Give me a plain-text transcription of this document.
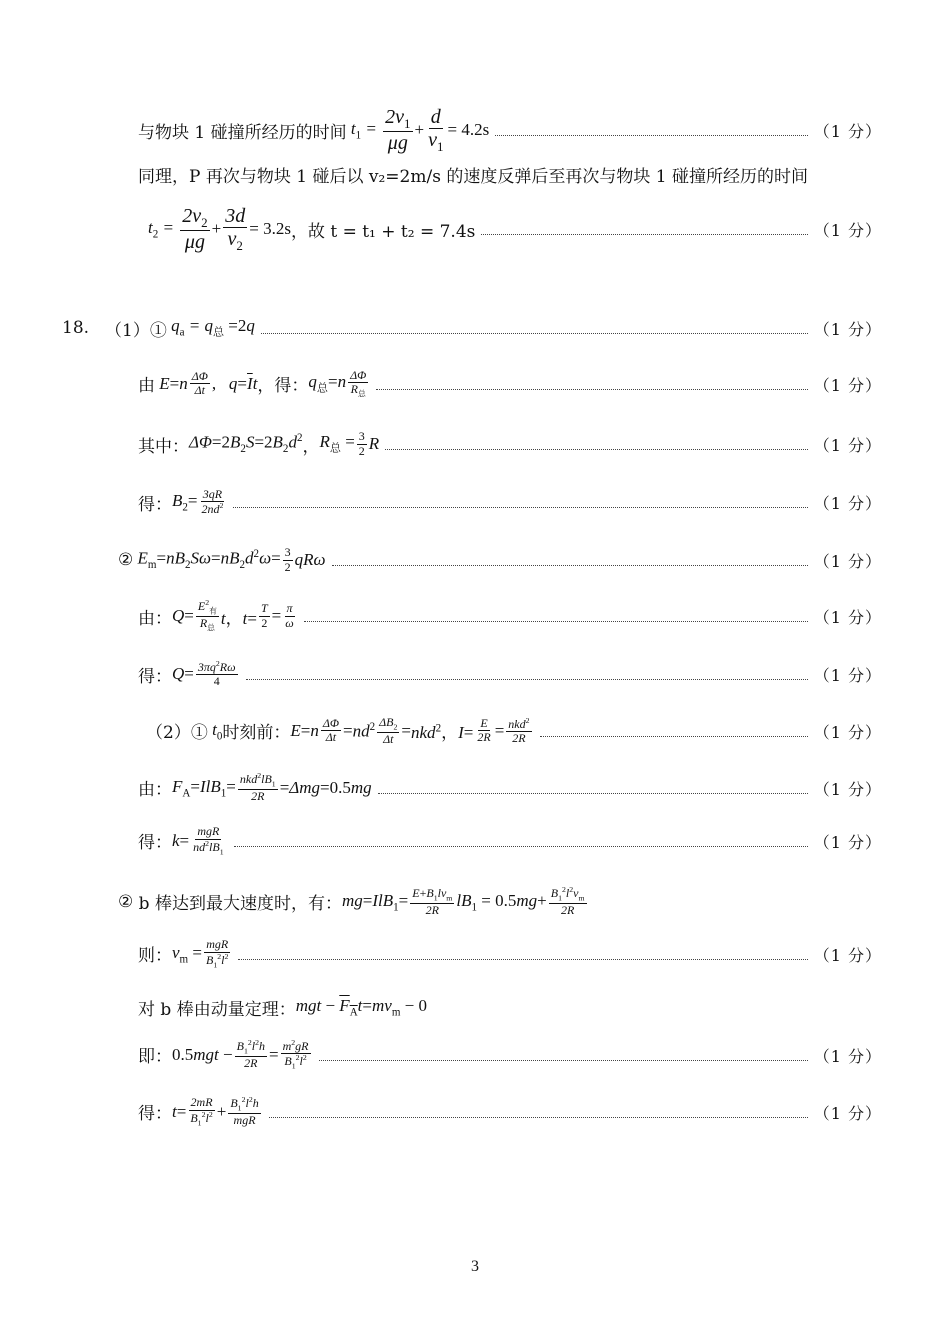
与物块 1 碰撞所经历的时间 $t_1 = \frac{2v_1}{\mu g} + \frac{d}{v_1} = 4.2s$	（1 分）
同理，P 再次与物块 1 碰后以 v₂=2m/s 的速度反弹后至再次与物块 1 碰撞所经历的时间
$t_2 = \frac{2v_2}{\mu g} + \frac{3d}{v_2} = 3.2s$ ，故 t = t₁ + t₂ = 7.4s	（1 分）
18. （1）① $q_a = q_总 =2q$	（1 分）
由 $E=n \frac{\Delta\Phi}{\Delta t}$ , $q=\overline{I}t$ ，得： $q_总=n \frac{\Delta\Phi}{R_总}$	（1 分）
其中： $\Delta\Phi=2B_2S=2B_2d^2$ ， $R_总 = \frac{3}{2}$ R	（1 分）
得： $B_2= \frac{3qR}{2nd^2}$	（1 分）
② $E_m=nB_2S\omega=nB_2d^2\omega= \frac{3}{2}$ qRω	（1 分）
由： $Q= \frac{E^2_有}{R_总}$ t，$t= \frac{T}{2} = \frac{\pi}{\omega}$	（1 分）
得： $Q= \frac{3\pi q^2R\omega}{4}$	（1 分）
（2）① $t_0$ 时刻前： $E=n \frac{\Delta\Phi}{\Delta t} = nd^2 \frac{\Delta B_2}{\Delta t} = nkd^2$，$I= \frac{E}{2R} = \frac{nkd^2}{2R}$	（1 分）
由： $F_A=IlB_1= \frac{nkd^2lB_1}{2R} = \Delta mg=0.5mg$	（1 分）
得： $k= \frac{\text{mgR}}{nd^2lB_1}$	（1 分）
②
b 棒达到最大速度时，有： $mg=IlB_1= \frac{E+B_1lv_m}{2R} lB_1 = 0.5mg+ \frac{B_1^2l^2v_m}{2R}$
则： $v_m = \frac{\text{mgR}}{B_1^2l^2}$	（1 分）
对 b 棒由动量定理： mgt − $F_At=mv_m - 0$
即： $0.5mgt - \frac{B_1^2l^2h}{2R} = \frac{m^2gR}{B_1^2l^2}$	（1 分）
得： $t= \frac{2mR}{B_1^2l^2} + \frac{B_1^2l^2h}{\text{mgR}}$	（1 分）
3
